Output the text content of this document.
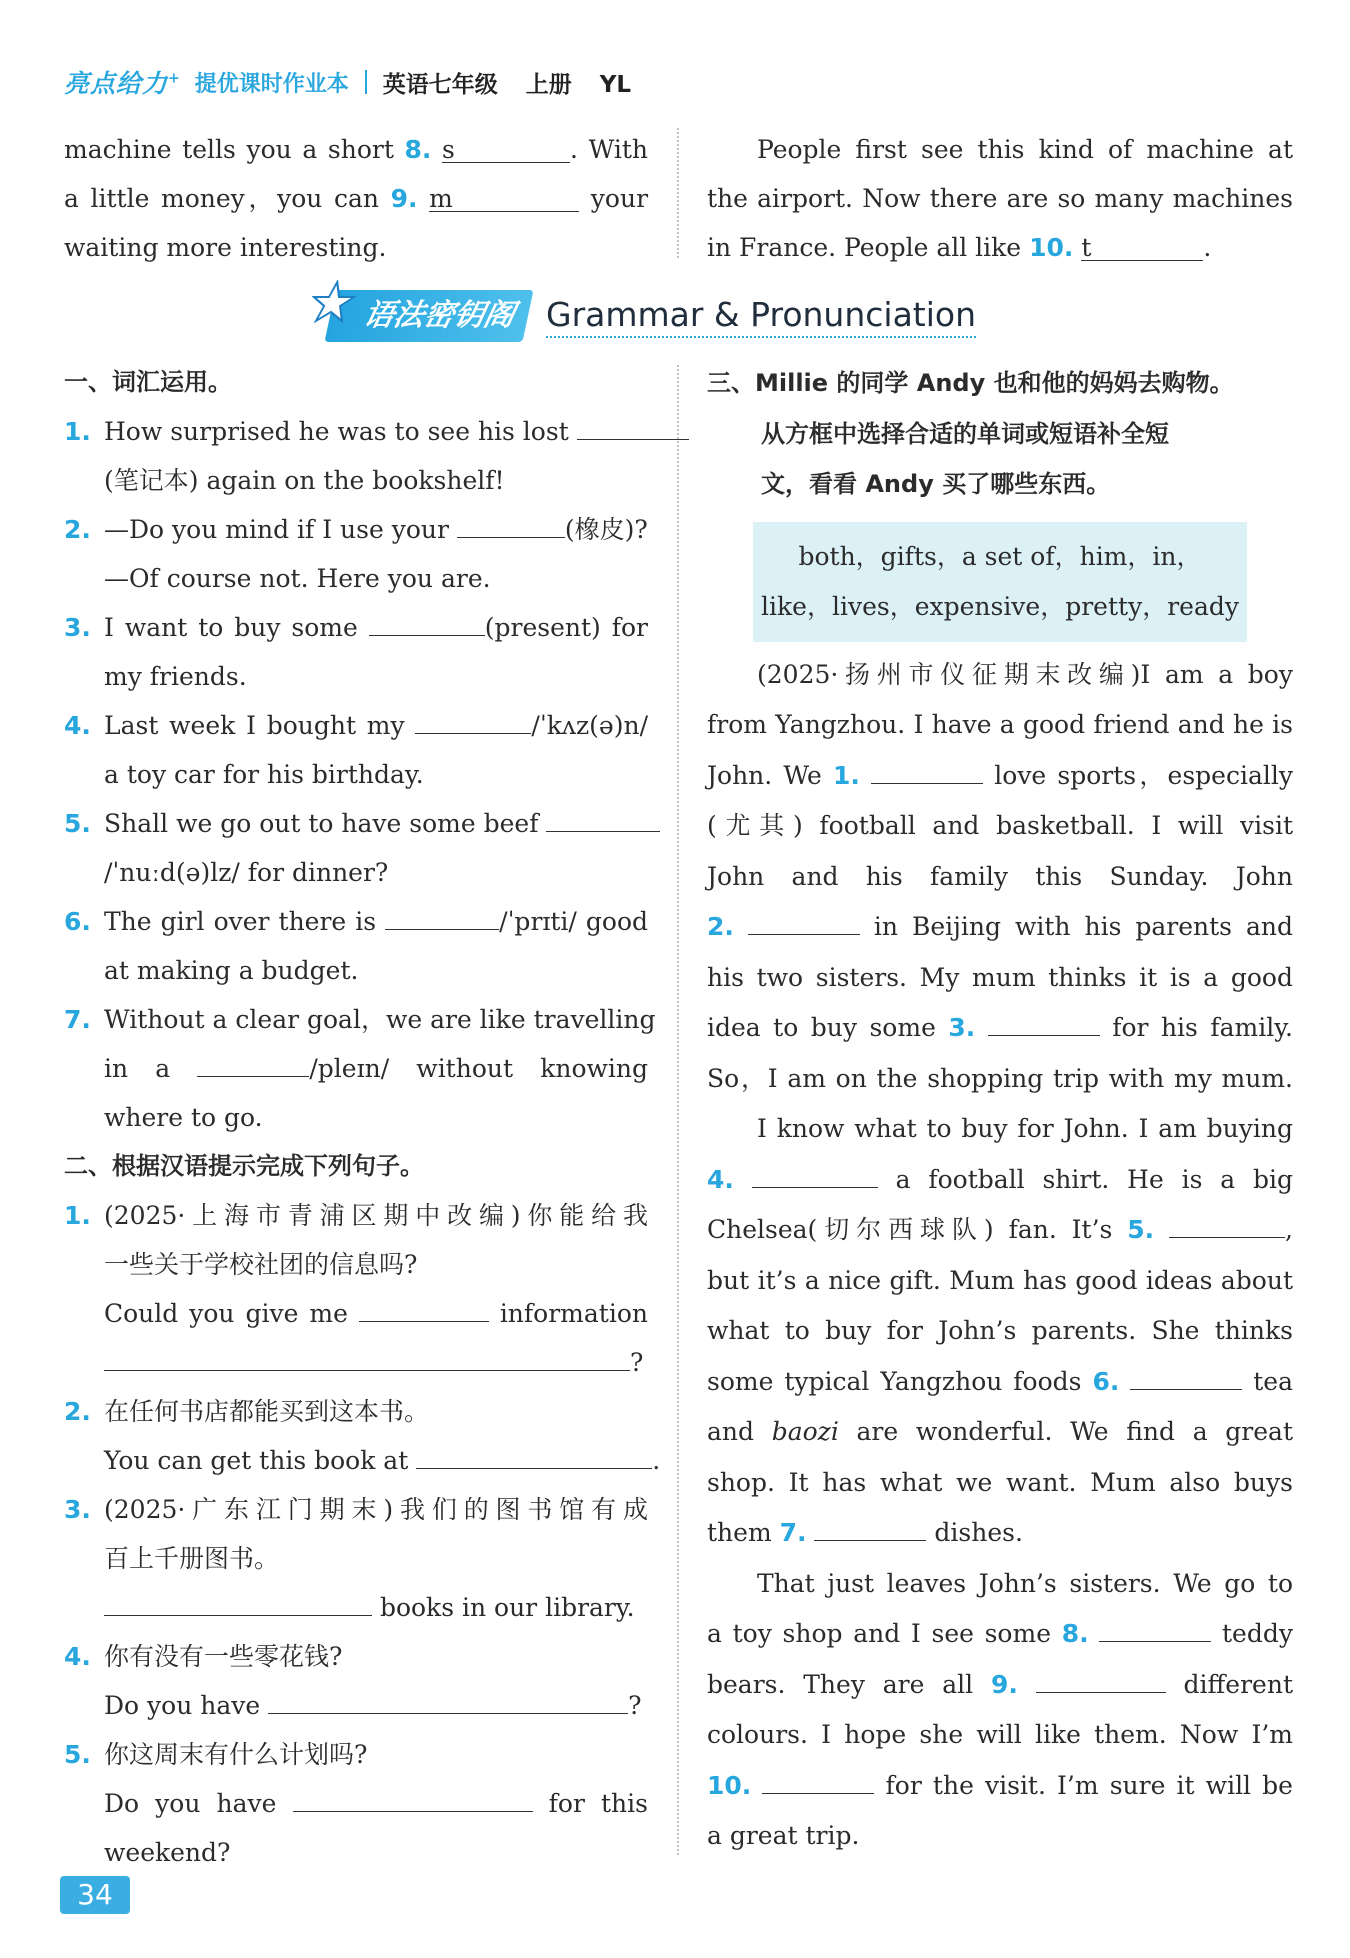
亮点给力+ 提优课时作业本 英语七年级 上册 YL
machine tells you a short 8. s	. With
a little money，you can 9. m	your
waiting more interesting.
People first see this kind of machine at
the airport. Now there are so many machines
in France. People all like 10. t	.
语法密钥阁 Grammar & Pronunciation
一、词汇运用。
1. How surprised he was to see his lost
(笔记本) again on the bookshelf!
2. —Do you mind if I use your	(橡皮)?
—Of course not. Here you are.
3. I want to buy some	(present) for
my friends.
4. Last week I bought my	/ˈkʌz(ə)n/
a toy car for his birthday.
5. Shall we go out to have some beef
/ˈnuːd(ə)lz/ for dinner?
6. The girl over there is	/ˈprɪti/ good
at making a budget.
7. Without a clear goal，we are like travelling
in a	/pleɪn/ without knowing
where to go.
二、根据汉语提示完成下列句子。
1. (2025·上海市青浦区期中改编)你能给我
一些关于学校社团的信息吗?
Could you give me	information
?
2. 在任何书店都能买到这本书。
You can get this book at	.
3. (2025·广东江门期末)我们的图书馆有成
百上千册图书。
books in our library.
4. 你有没有一些零花钱?
Do you have	?
5. 你这周末有什么计划吗?
Do you have	for this
weekend?
三、Millie 的同学 Andy 也和他的妈妈去购物。
从方框中选择合适的单词或短语补全短
文，看看 Andy 买了哪些东西。
both，gifts，a set of，him，in，
like，lives，expensive，pretty，ready
(2025·扬州市仪征期末改编)I am a boy
from Yangzhou. I have a good friend and he is
John. We 1.	love sports，especially
(尤其) football and basketball. I will visit
John and his family this Sunday. John
2.	in Beijing with his parents and
his two sisters. My mum thinks it is a good
idea to buy some 3.	for his family.
So，I am on the shopping trip with my mum.
I know what to buy for John. I am buying
4.	a football shirt. He is a big
Chelsea(切尔西球队) fan. It’s 5.	,
but it’s a nice gift. Mum has good ideas about
what to buy for John’s parents. She thinks
some typical Yangzhou foods 6.	tea
and baozi are wonderful. We find a great
shop. It has what we want. Mum also buys
them 7.	dishes.
That just leaves John’s sisters. We go to
a toy shop and I see some 8.	teddy
bears. They are all 9.	different
colours. I hope she will like them. Now I’m
10.	for the visit. I’m sure it will be
a great trip.
34
